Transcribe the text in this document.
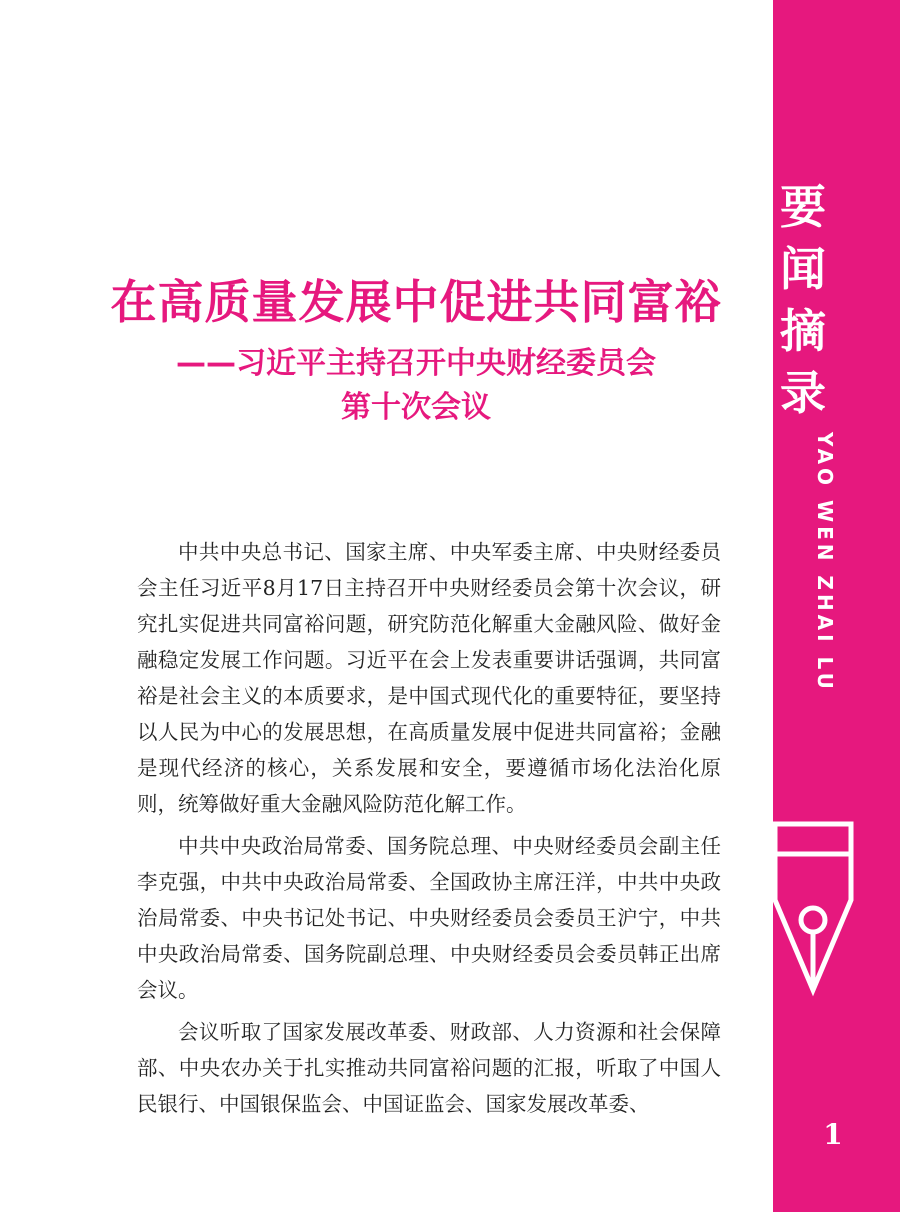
在高质量发展中促进共同富裕
——习近平主持召开中央财经委员会
第十次会议

中共中央总书记、国家主席、中央军委主席、中央财经委员会主任习近平8月17日主持召开中央财经委员会第十次会议，研究扎实促进共同富裕问题，研究防范化解重大金融风险、做好金融稳定发展工作问题。习近平在会上发表重要讲话强调，共同富裕是社会主义的本质要求，是中国式现代化的重要特征，要坚持以人民为中心的发展思想，在高质量发展中促进共同富裕；金融是现代经济的核心，关系发展和安全，要遵循市场化法治化原则，统筹做好重大金融风险防范化解工作。

中共中央政治局常委、国务院总理、中央财经委员会副主任李克强，中共中央政治局常委、全国政协主席汪洋，中共中央政治局常委、中央书记处书记、中央财经委员会委员王沪宁，中共中央政治局常委、国务院副总理、中央财经委员会委员韩正出席会议。

会议听取了国家发展改革委、财政部、人力资源和社会保障部、中央农办关于扎实推动共同富裕问题的汇报，听取了中国人民银行、中国银保监会、中国证监会、国家发展改革委、

要
闻
摘
录
YAO WEN ZHAI LU
1
